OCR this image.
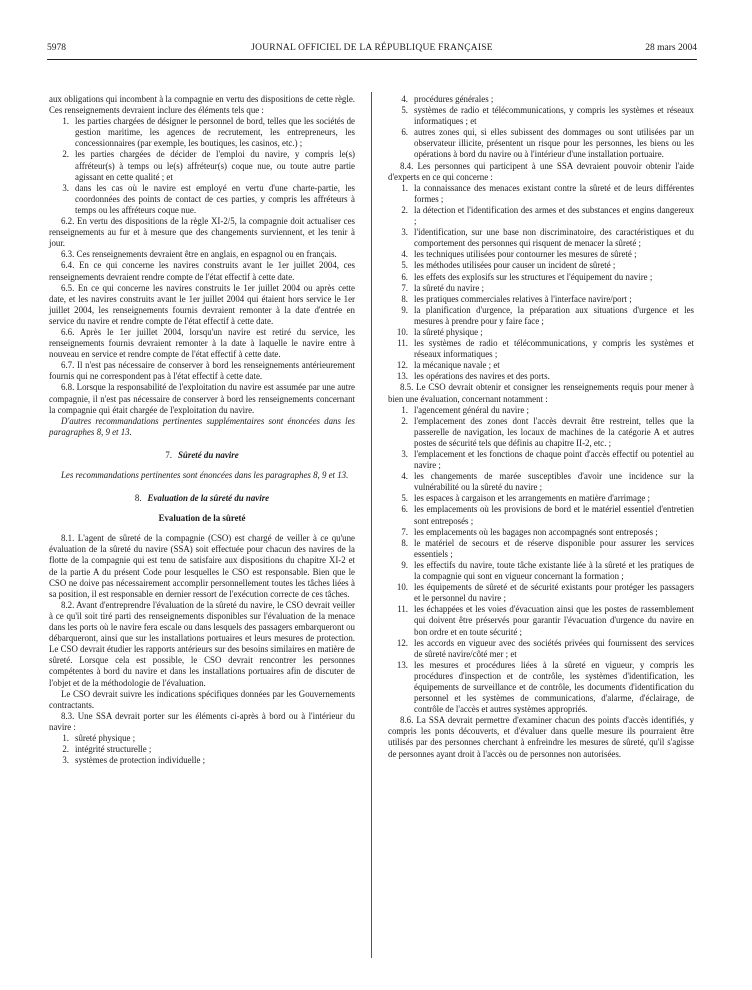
5978	JOURNAL OFFICIEL DE LA RÉPUBLIQUE FRANÇAISE	28 mars 2004

aux obligations qui incombent à la compagnie en vertu des dispositions de cette règle. Ces renseignements devraient inclure des éléments tels que :

1. les parties chargées de désigner le personnel de bord, telles que les sociétés de gestion maritime, les agences de recrutement, les entrepreneurs, les concessionnaires (par exemple, les boutiques, les casinos, etc.) ;
2. les parties chargées de décider de l'emploi du navire, y compris le(s) affréteur(s) à temps ou le(s) affréteur(s) coque nue, ou toute autre partie agissant en cette qualité ; et
3. dans les cas où le navire est employé en vertu d'une charte-partie, les coordonnées des points de contact de ces parties, y compris les affréteurs à temps ou les affréteurs coque nue.

6.2. En vertu des dispositions de la règle XI-2/5, la compagnie doit actualiser ces renseignements au fur et à mesure que des changements surviennent, et les tenir à jour.

6.3. Ces renseignements devraient être en anglais, en espagnol ou en français.

6.4. En ce qui concerne les navires construits avant le 1er juillet 2004, ces renseignements devraient rendre compte de l'état effectif à cette date.

6.5. En ce qui concerne les navires construits le 1er juillet 2004 ou après cette date, et les navires construits avant le 1er juillet 2004 qui étaient hors service le 1er juillet 2004, les renseignements fournis devraient remonter à la date d'entrée en service du navire et rendre compte de l'état effectif à cette date.

6.6. Après le 1er juillet 2004, lorsqu'un navire est retiré du service, les renseignements fournis devraient remonter à la date à laquelle le navire entre à nouveau en service et rendre compte de l'état effectif à cette date.

6.7. Il n'est pas nécessaire de conserver à bord les renseignements antérieurement fournis qui ne correspondent pas à l'état effectif à cette date.

6.8. Lorsque la responsabilité de l'exploitation du navire est assumée par une autre compagnie, il n'est pas nécessaire de conserver à bord les renseignements concernant la compagnie qui était chargée de l'exploitation du navire.

D'autres recommandations pertinentes supplémentaires sont énoncées dans les paragraphes 8, 9 et 13.

7. Sûreté du navire

Les recommandations pertinentes sont énoncées dans les paragraphes 8, 9 et 13.

8. Evaluation de la sûreté du navire
Evaluation de la sûreté

8.1. L'agent de sûreté de la compagnie (CSO) est chargé de veiller à ce qu'une évaluation de la sûreté du navire (SSA) soit effectuée pour chacun des navires de la flotte de la compagnie qui est tenu de satisfaire aux dispositions du chapitre XI-2 et de la partie A du présent Code pour lesquelles le CSO est responsable. Bien que le CSO ne doive pas nécessairement accomplir personnellement toutes les tâches liées à sa position, il est responsable en dernier ressort de l'exécution correcte de ces tâches.

8.2. Avant d'entreprendre l'évaluation de la sûreté du navire, le CSO devrait veiller à ce qu'il soit tiré parti des renseignements disponibles sur l'évaluation de la menace dans les ports où le navire fera escale ou dans lesquels des passagers embarqueront ou débarqueront, ainsi que sur les installations portuaires et leurs mesures de protection. Le CSO devrait étudier les rapports antérieurs sur des besoins similaires en matière de sûreté. Lorsque cela est possible, le CSO devrait rencontrer les personnes compétentes à bord du navire et dans les installations portuaires afin de discuter de l'objet et de la méthodologie de l'évaluation.

Le CSO devrait suivre les indications spécifiques données par les Gouvernements contractants.

8.3. Une SSA devrait porter sur les éléments ci-après à bord ou à l'intérieur du navire :

1. sûreté physique ;
2. intégrité structurelle ;
3. systèmes de protection individuelle ;
4. procédures générales ;
5. systèmes de radio et télécommunications, y compris les systèmes et réseaux informatiques ; et
6. autres zones qui, si elles subissent des dommages ou sont utilisées par un observateur illicite, présentent un risque pour les personnes, les biens ou les opérations à bord du navire ou à l'intérieur d'une installation portuaire.

8.4. Les personnes qui participent à une SSA devraient pouvoir obtenir l'aide d'experts en ce qui concerne :

1. la connaissance des menaces existant contre la sûreté et de leurs différentes formes ;
2. la détection et l'identification des armes et des substances et engins dangereux ;
3. l'identification, sur une base non discriminatoire, des caractéristiques et du comportement des personnes qui risquent de menacer la sûreté ;
4. les techniques utilisées pour contourner les mesures de sûreté ;
5. les méthodes utilisées pour causer un incident de sûreté ;
6. les effets des explosifs sur les structures et l'équipement du navire ;
7. la sûreté du navire ;
8. les pratiques commerciales relatives à l'interface navire/port ;
9. la planification d'urgence, la préparation aux situations d'urgence et les mesures à prendre pour y faire face ;
10. la sûreté physique ;
11. les systèmes de radio et télécommunications, y compris les systèmes et réseaux informatiques ;
12. la mécanique navale ; et
13. les opérations des navires et des ports.

8.5. Le CSO devrait obtenir et consigner les renseignements requis pour mener à bien une évaluation, concernant notamment :

1. l'agencement général du navire ;
2. l'emplacement des zones dont l'accès devrait être restreint, telles que la passerelle de navigation, les locaux de machines de la catégorie A et autres postes de sécurité tels que définis au chapitre II-2, etc. ;
3. l'emplacement et les fonctions de chaque point d'accès effectif ou potentiel au navire ;
4. les changements de marée susceptibles d'avoir une incidence sur la vulnérabilité ou la sûreté du navire ;
5. les espaces à cargaison et les arrangements en matière d'arrimage ;
6. les emplacements où les provisions de bord et le matériel essentiel d'entretien sont entreposés ;
7. les emplacements où les bagages non accompagnés sont entreposés ;
8. le matériel de secours et de réserve disponible pour assurer les services essentiels ;
9. les effectifs du navire, toute tâche existante liée à la sûreté et les pratiques de la compagnie qui sont en vigueur concernant la formation ;
10. les équipements de sûreté et de sécurité existants pour protéger les passagers et le personnel du navire ;
11. les échappées et les voies d'évacuation ainsi que les postes de rassemblement qui doivent être préservés pour garantir l'évacuation d'urgence du navire en bon ordre et en toute sécurité ;
12. les accords en vigueur avec des sociétés privées qui fournissent des services de sûreté navire/côté mer ; et
13. les mesures et procédures liées à la sûreté en vigueur, y compris les procédures d'inspection et de contrôle, les systèmes d'identification, les équipements de surveillance et de contrôle, les documents d'identification du personnel et les systèmes de communications, d'alarme, d'éclairage, de contrôle de l'accès et autres systèmes appropriés.

8.6. La SSA devrait permettre d'examiner chacun des points d'accès identifiés, y compris les ponts découverts, et d'évaluer dans quelle mesure ils pourraient être utilisés par des personnes cherchant à enfreindre les mesures de sûreté, qu'il s'agisse de personnes ayant droit à l'accès ou de personnes non autorisées.
